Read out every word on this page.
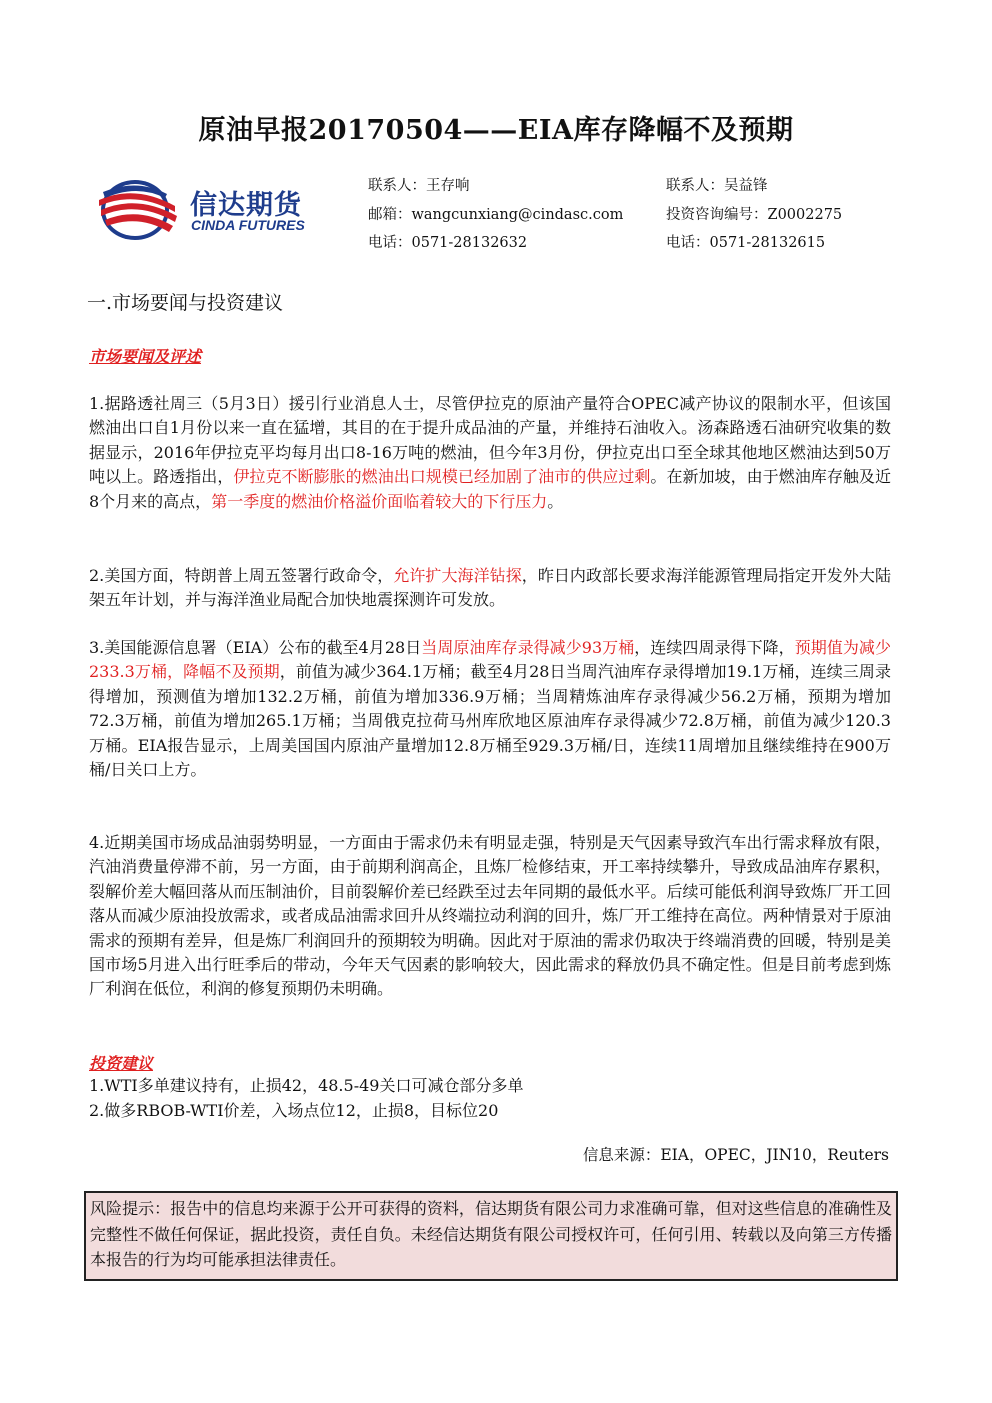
原油早报20170504——EIA库存降幅不及预期
信达期货
CINDA FUTURES
联系人：王存响
邮箱：wangcunxiang@cindasc.com
电话：0571-28132632
联系人：吴益锋
投资咨询编号：Z0002275
电话：0571-28132615
一.市场要闻与投资建议
市场要闻及评述
1.据路透社周三（5月3日）援引行业消息人士，尽管伊拉克的原油产量符合OPEC减产协议的限制水平，但该国燃油出口自1月份以来一直在猛增，其目的在于提升成品油的产量，并维持石油收入。汤森路透石油研究收集的数据显示，2016年伊拉克平均每月出口8-16万吨的燃油，但今年3月份，伊拉克出口至全球其他地区燃油达到50万吨以上。路透指出，伊拉克不断膨胀的燃油出口规模已经加剧了油市的供应过剩。在新加坡，由于燃油库存触及近8个月来的高点，第一季度的燃油价格溢价面临着较大的下行压力。
2.美国方面，特朗普上周五签署行政命令，允许扩大海洋钻探，昨日内政部长要求海洋能源管理局指定开发外大陆架五年计划，并与海洋渔业局配合加快地震探测许可发放。
3.美国能源信息署（EIA）公布的截至4月28日当周原油库存录得减少93万桶，连续四周录得下降，预期值为减少233.3万桶，降幅不及预期，前值为减少364.1万桶；截至4月28日当周汽油库存录得增加19.1万桶，连续三周录得增加，预测值为增加132.2万桶，前值为增加336.9万桶；当周精炼油库存录得减少56.2万桶，预期为增加72.3万桶，前值为增加265.1万桶；当周俄克拉荷马州库欣地区原油库存录得减少72.8万桶，前值为减少120.3万桶。EIA报告显示，上周美国国内原油产量增加12.8万桶至929.3万桶/日，连续11周增加且继续维持在900万桶/日关口上方。
4.近期美国市场成品油弱势明显，一方面由于需求仍未有明显走强，特别是天气因素导致汽车出行需求释放有限，汽油消费量停滞不前，另一方面，由于前期利润高企，且炼厂检修结束，开工率持续攀升，导致成品油库存累积，裂解价差大幅回落从而压制油价，目前裂解价差已经跌至过去年同期的最低水平。后续可能低利润导致炼厂开工回落从而减少原油投放需求，或者成品油需求回升从终端拉动利润的回升，炼厂开工维持在高位。两种情景对于原油需求的预期有差异，但是炼厂利润回升的预期较为明确。因此对于原油的需求仍取决于终端消费的回暖，特别是美国市场5月进入出行旺季后的带动，今年天气因素的影响较大，因此需求的释放仍具不确定性。但是目前考虑到炼厂利润在低位，利润的修复预期仍未明确。
投资建议
1.WTI多单建议持有，止损42，48.5-49关口可减仓部分多单
2.做多RBOB-WTI价差，入场点位12，止损8，目标位20
信息来源：EIA，OPEC，JIN10，Reuters
风险提示：报告中的信息均来源于公开可获得的资料，信达期货有限公司力求准确可靠，但对这些信息的准确性及完整性不做任何保证，据此投资，责任自负。未经信达期货有限公司授权许可，任何引用、转载以及向第三方传播本报告的行为均可能承担法律责任。
